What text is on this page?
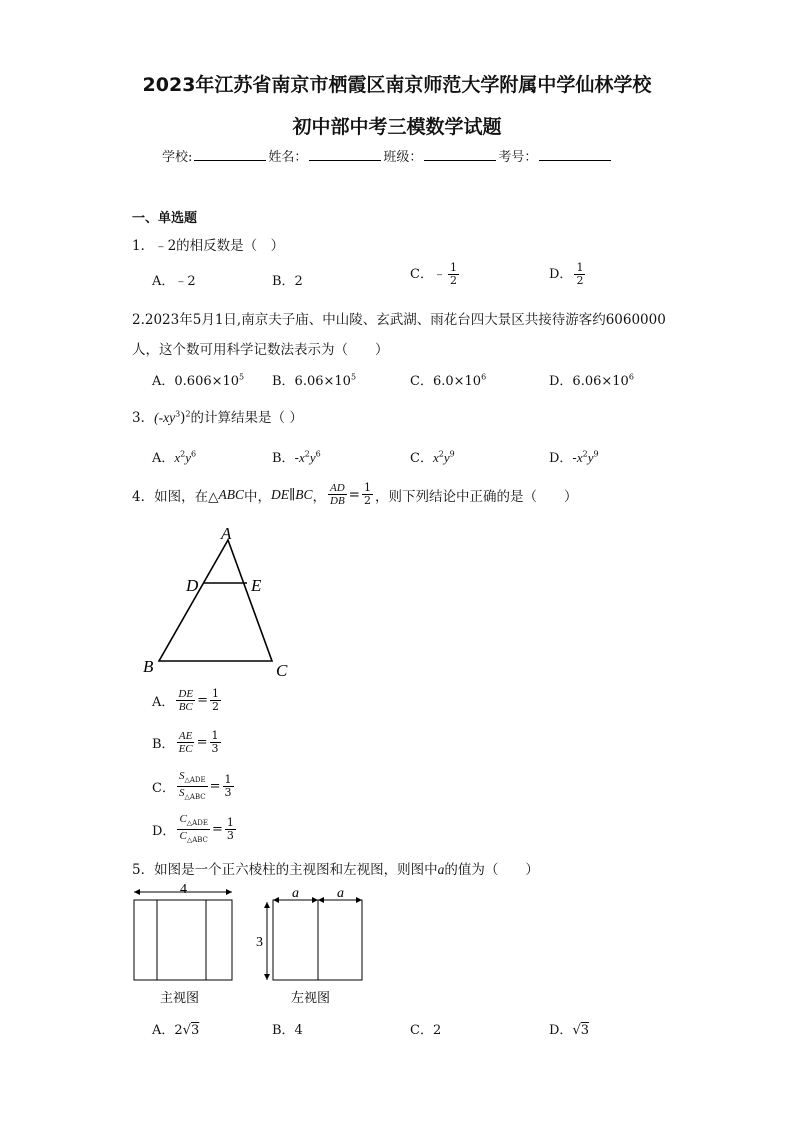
2023年江苏省南京市栖霞区南京师范大学附属中学仙林学校
初中部中考三模数学试题
学校:	姓名：	班级：	考号：
一、单选题
1．﹣2的相反数是（　）
A．﹣2	B．2	C．﹣ $\frac{1}{2}$	D． $\frac{1}{2}$
2.2023年5月1日,南京夫子庙、中山陵、玄武湖、雨花台四大景区共接待游客约6060000
人，这个数可用科学记数法表示为（　　）
A．$0.606\times 10^5$ B．$6.06\times 10^5$	C．$6.0\times 10^6$	D．$6.06\times 10^6$
3．$(-xy^3)^2$的计算结果是（ ）
A．$x^2y^6$	B．$-x^2y^6$	C．$x^2y^9$	D．$-x^2y^9$
4．如图，在△ ABC 中， DE ∥ BC ， $\frac{AD}{DB} = \frac{1}{2}$ ，则下列结论中正确的是（　　）
A
D	E
B	C
A． $\frac{DE}{BC} = \frac{1}{2}$
B． $\frac{AE}{EC} = \frac{1}{3}$
C． $\frac{S_{\triangle ADE}}{S_{\triangle ABC}} = \frac{1}{3}$
D． $\frac{C_{\triangle ADE}}{C_{\triangle ABC}} = \frac{1}{3}$
5．如图是一个正六棱柱的主视图和左视图，则图中a的值为（　　）
4
主视图
a	a
3
左视图
A．2√3	B．4	C．2	D．√3
